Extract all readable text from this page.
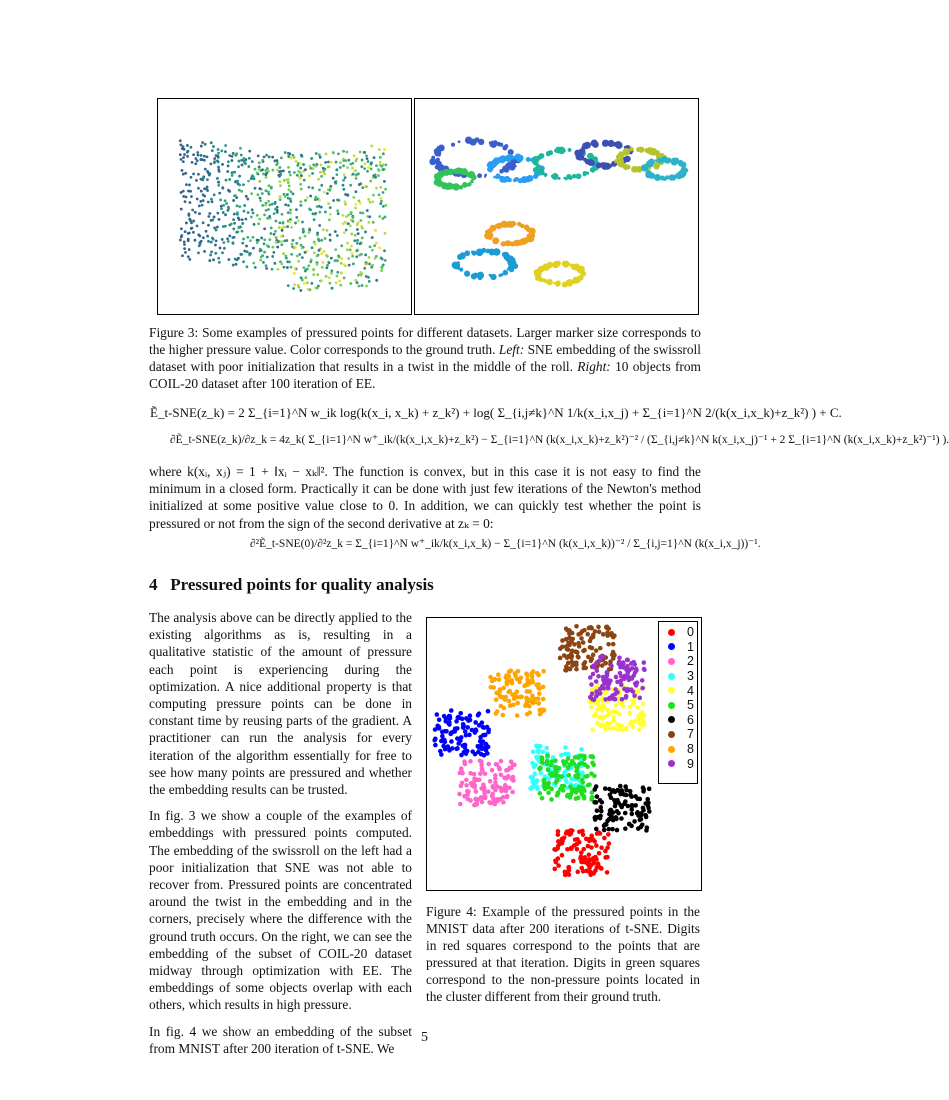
Figure 3: Some examples of pressured points for different datasets. Larger marker size corresponds to the higher pressure value. Color corresponds to the ground truth. Left: SNE embedding of the swissroll dataset with poor initialization that results in a twist in the middle of the roll. Right: 10 objects from COIL-20 dataset after 100 iteration of EE.
Ẽ_t-SNE(z_k) = 2 Σ_{i=1}^N w_ik log(k(x_i, x_k) + z_k²) + log( Σ_{i,j≠k}^N 1/k(x_i,x_j) + Σ_{i=1}^N 2/(k(x_i,x_k)+z_k²) ) + C.
∂Ẽ_t-SNE(z_k)/∂z_k = 4z_k( Σ_{i=1}^N w⁺_ik/(k(x_i,x_k)+z_k²) − Σ_{i=1}^N (k(x_i,x_k)+z_k²)⁻² / (Σ_{i,j≠k}^N k(x_i,x_j)⁻¹ + 2 Σ_{i=1}^N (k(x_i,x_k)+z_k²)⁻¹) ).

where k(xᵢ, xⱼ) = 1 + ‖xᵢ − xₖ‖². The function is convex, but in this case it is not easy to find the minimum in a closed form. Practically it can be done with just few iterations of the Newton's method initialized at some positive value close to 0. In addition, we can quickly test whether the point is pressured or not from the sign of the second derivative at zₖ = 0:

∂²Ẽ_t-SNE(0)/∂²z_k = Σ_{i=1}^N w⁺_ik/k(x_i,x_k) − Σ_{i=1}^N (k(x_i,x_k))⁻² / Σ_{i,j=1}^N (k(x_i,x_j))⁻¹.
4 Pressured points for quality analysis

The analysis above can be directly applied to the existing algorithms as is, resulting in a qualitative statistic of the amount of pressure each point is experiencing during the optimization. A nice additional property is that computing pressure points can be done in constant time by reusing parts of the gradient. A practitioner can run the analysis for every iteration of the algorithm essentially for free to see how many points are pressured and whether the embedding results can be trusted.

In fig. 3 we show a couple of the examples of embeddings with pressured points computed. The embedding of the swissroll on the left had a poor initialization that SNE was not able to recover from. Pressured points are concentrated around the twist in the embedding and in the corners, precisely where the difference with the ground truth occurs. On the right, we can see the embedding of the subset of COIL-20 dataset midway through optimization with EE. The embeddings of some objects overlap with each others, which results in high pressure.

In fig. 4 we show an embedding of the subset from MNIST after 200 iteration of t-SNE. We

0
1
2
3
4
5
6
7
8
9
Figure 4: Example of the pressured points in the MNIST data after 200 iterations of t-SNE. Digits in red squares correspond to the points that are pressured at that iteration. Digits in green squares correspond to the non-pressure points located in the cluster different from their ground truth.
5
